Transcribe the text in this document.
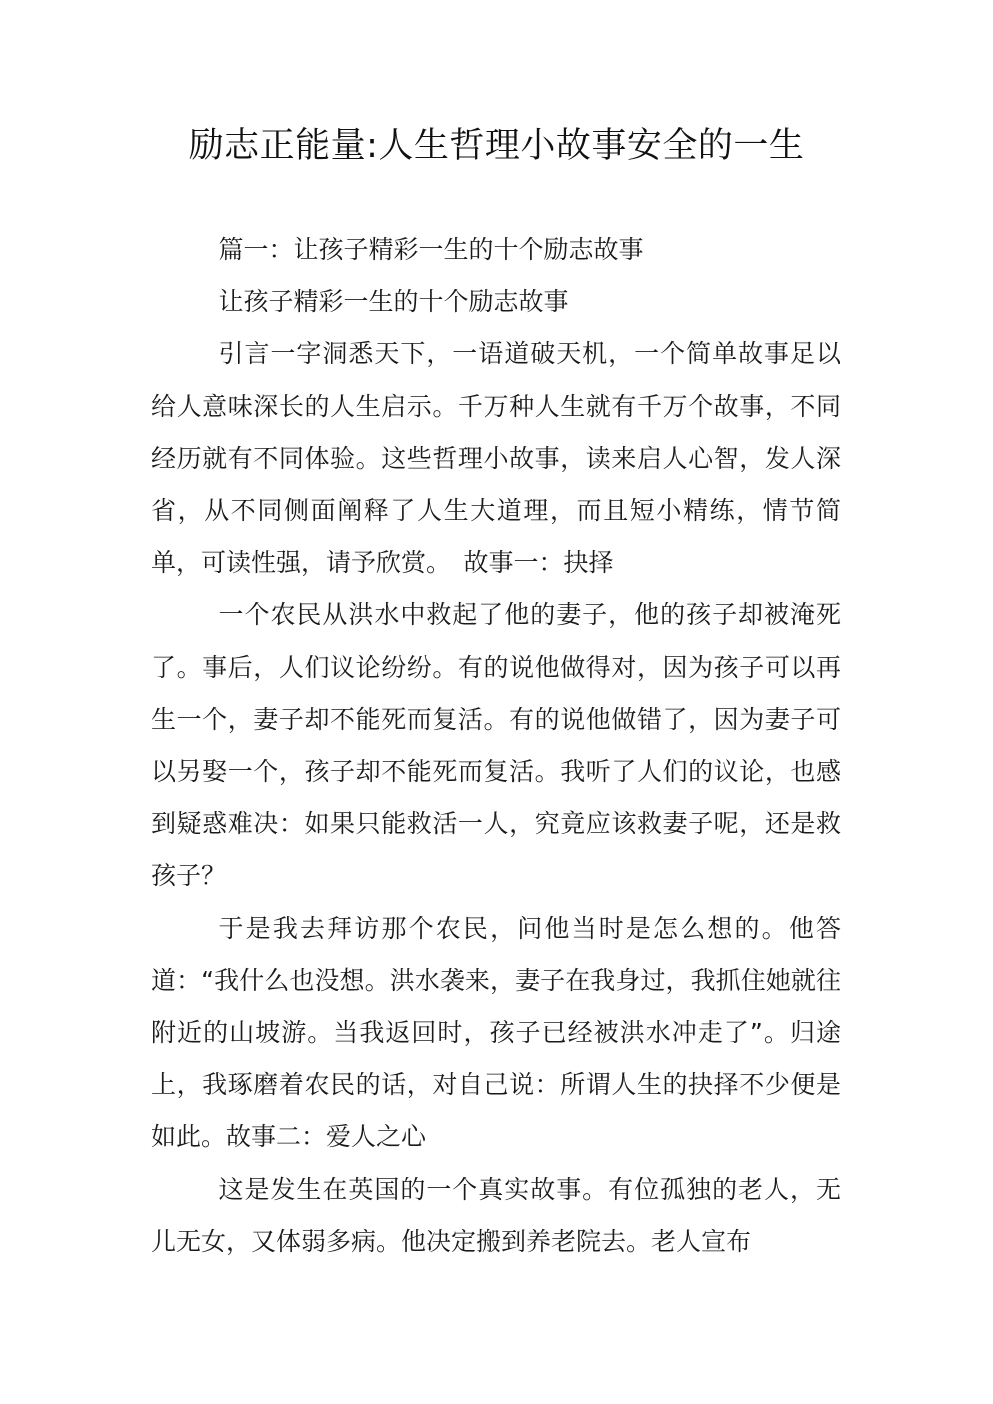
励志正能量:人生哲理小故事安全的一生

篇一：让孩子精彩一生的十个励志故事

让孩子精彩一生的十个励志故事

引言一字洞悉天下，一语道破天机，一个简单故事足以给人意味深长的人生启示。千万种人生就有千万个故事，不同经历就有不同体验。这些哲理小故事，读来启人心智，发人深省，从不同侧面阐释了人生大道理，而且短小精练，情节简单，可读性强，请予欣赏。　故事一：抉择

一个农民从洪水中救起了他的妻子，他的孩子却被淹死了。事后，人们议论纷纷。有的说他做得对，因为孩子可以再生一个，妻子却不能死而复活。有的说他做错了，因为妻子可以另娶一个，孩子却不能死而复活。我听了人们的议论，也感到疑惑难决：如果只能救活一人，究竟应该救妻子呢，还是救孩子？

于是我去拜访那个农民，问他当时是怎么想的。他答道：“我什么也没想。洪水袭来，妻子在我身过，我抓住她就往附近的山坡游。当我返回时，孩子已经被洪水冲走了”。归途上，我琢磨着农民的话，对自己说：所谓人生的抉择不少便是如此。故事二：爱人之心

这是发生在英国的一个真实故事。有位孤独的老人，无儿无女，又体弱多病。他决定搬到养老院去。老人宣布
